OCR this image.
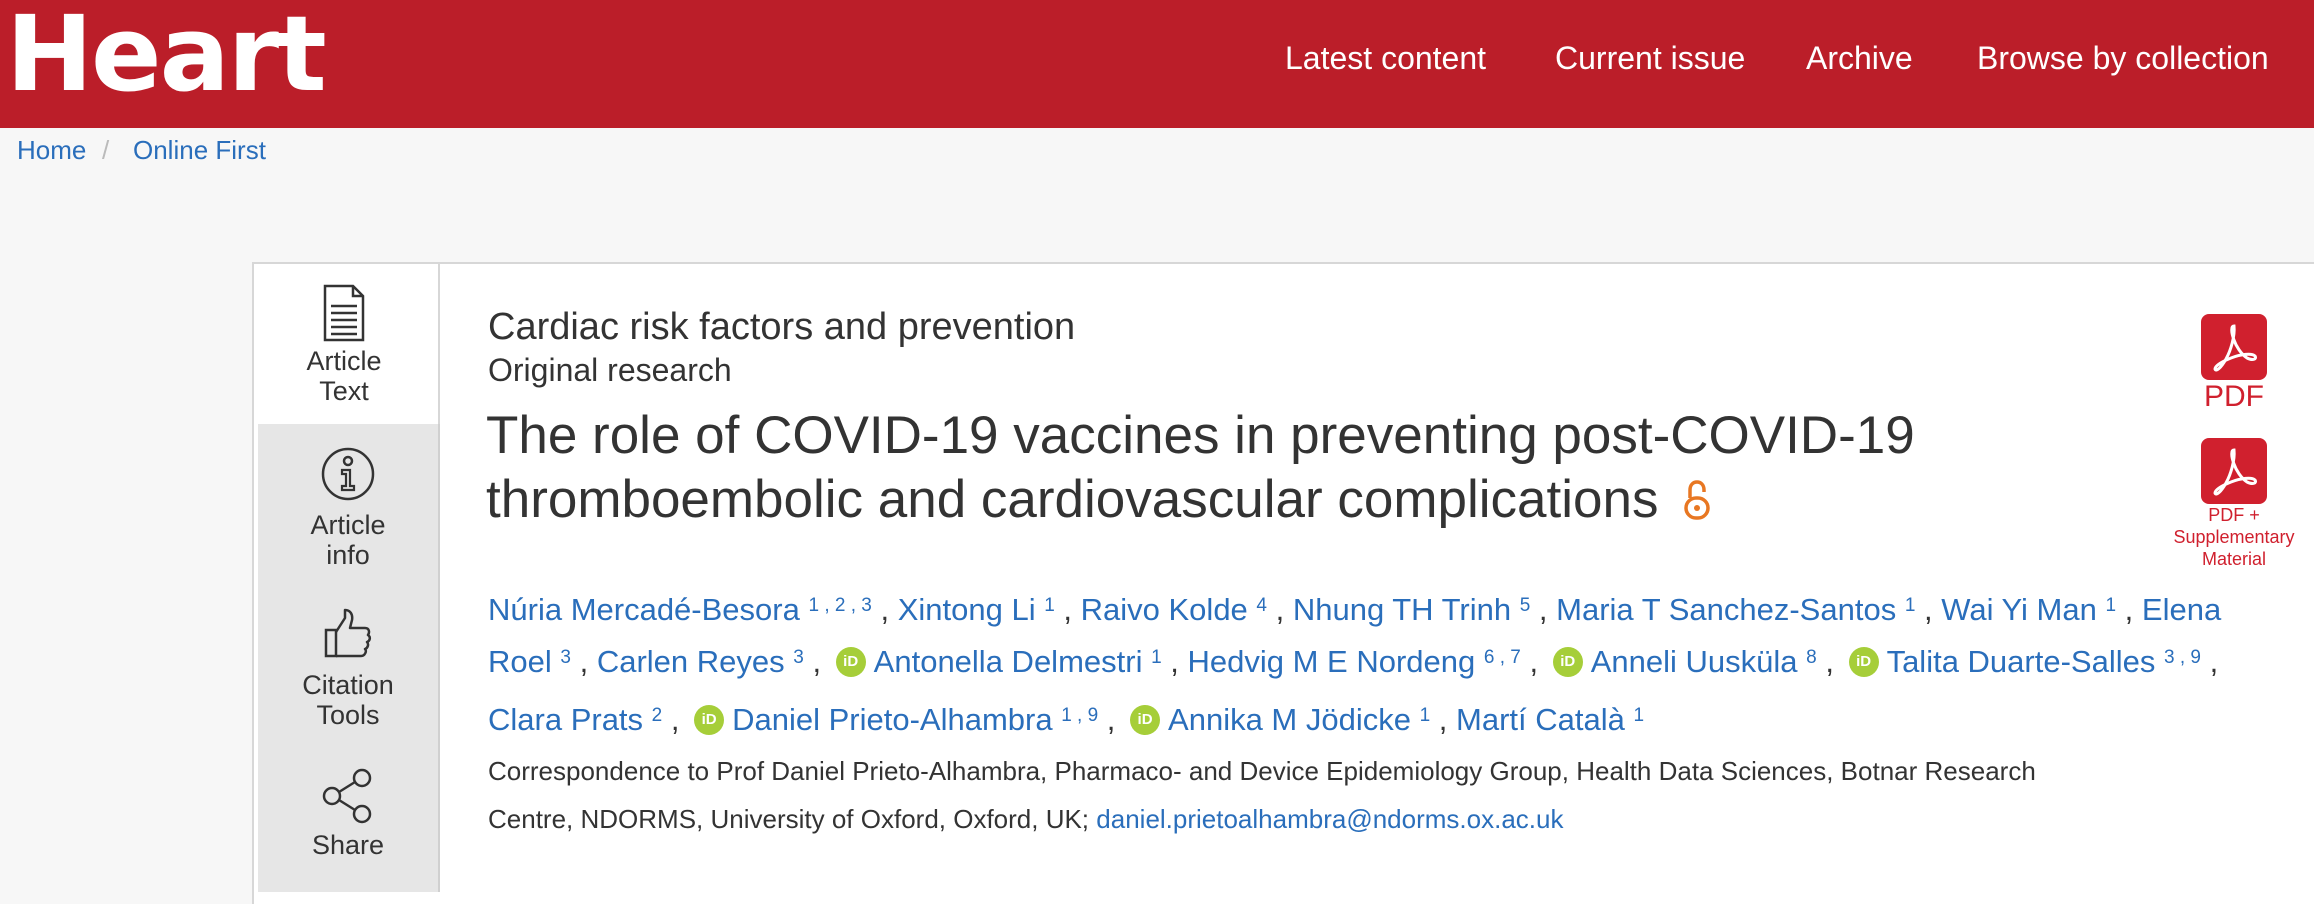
Heart	Latest content Current issue Archive Browse by collection
Home / Online First
Article
Text
Article
info
Citation
Tools
Share
Cardiac risk factors and prevention
Original research
The role of COVID-19 vaccines in preventing post-COVID-19 thromboembolic and cardiovascular complications
Núria Mercadé-Besora $^{1 , 2 , 3}$ , Xintong Li $^1$ , Raivo Kolde $^4$ , Nhung TH Trinh $^5$ , Maria T Sanchez-Santos $^1$ , Wai Yi Man $^1$ , Elena
Roel $^3$ , Carlen Reyes $^3$ , iD Antonella Delmestri $^1$ , Hedvig M E Nordeng $^{6 , 7}$ , iD Anneli Uusküla $^8$ , iD Talita Duarte-Salles $^{3 , 9}$ ,
Clara Prats $^2$ , iD Daniel Prieto-Alhambra $^{1 , 9}$ , iD Annika M Jödicke $^1$ , Martí Català $^1$
Correspondence to Prof Daniel Prieto-Alhambra, Pharmaco- and Device Epidemiology Group, Health Data Sciences, Botnar Research
Centre, NDORMS, University of Oxford, Oxford, UK; daniel.prietoalhambra@ndorms.ox.ac.uk
PDF
PDF +
Supplementary
Material
